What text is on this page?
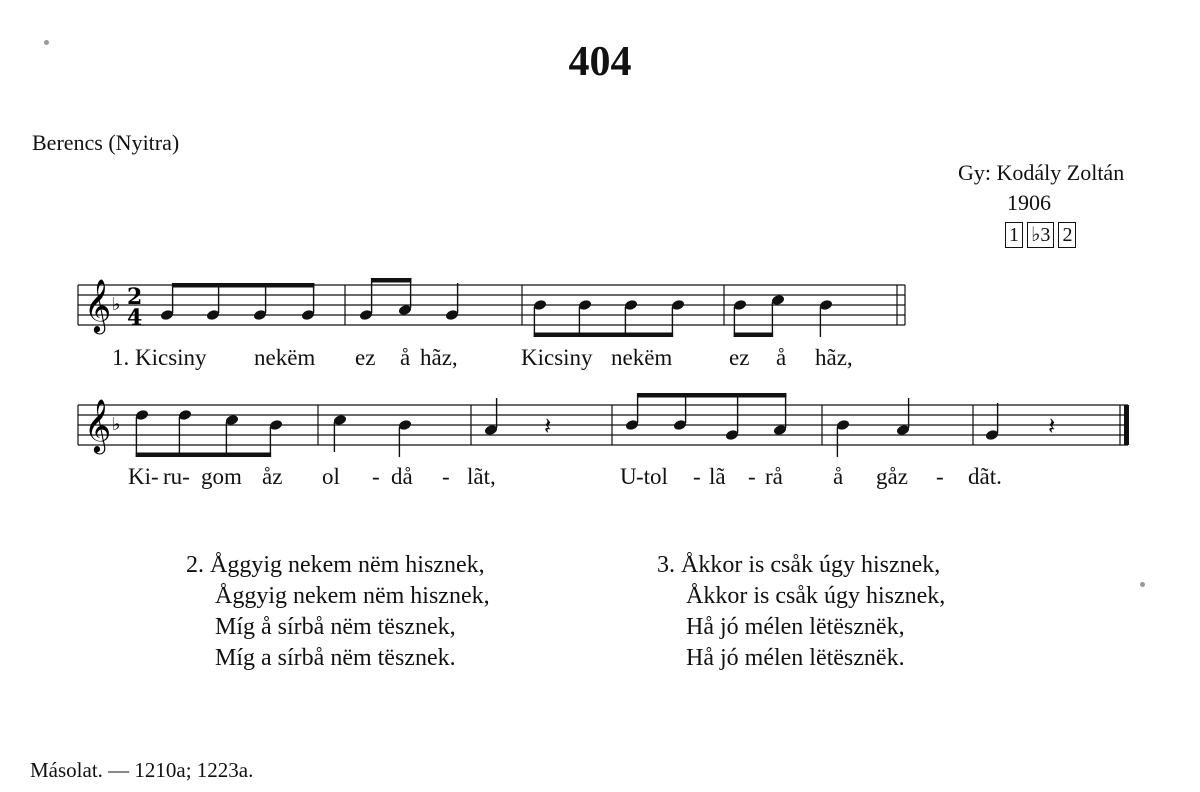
404
Berencs (Nyitra)
Gy: Kodály Zoltán
1906
1 ♭3 2
𝄞 ♭ 2
4
𝄞 ♭	𝄽	𝄽
1. Kicsiny nekëm ez å hãz,	Kicsiny nekëm ez å hãz,
Ki- ru- gom åz ol - då - lãt,	U -tol - lã - rå å gåz - dãt.
2. Åggyig nekem nëm hisznek,
Åggyig nekem nëm hisznek,
Míg å sírbå nëm tësznek,
Míg a sírbå nëm tësznek.
3. Åkkor is csåk úgy hisznek,
Åkkor is csåk úgy hisznek,
Hå jó mélen lëtësznëk,
Hå jó mélen lëtësznëk.
Másolat. — 1210a; 1223a.
